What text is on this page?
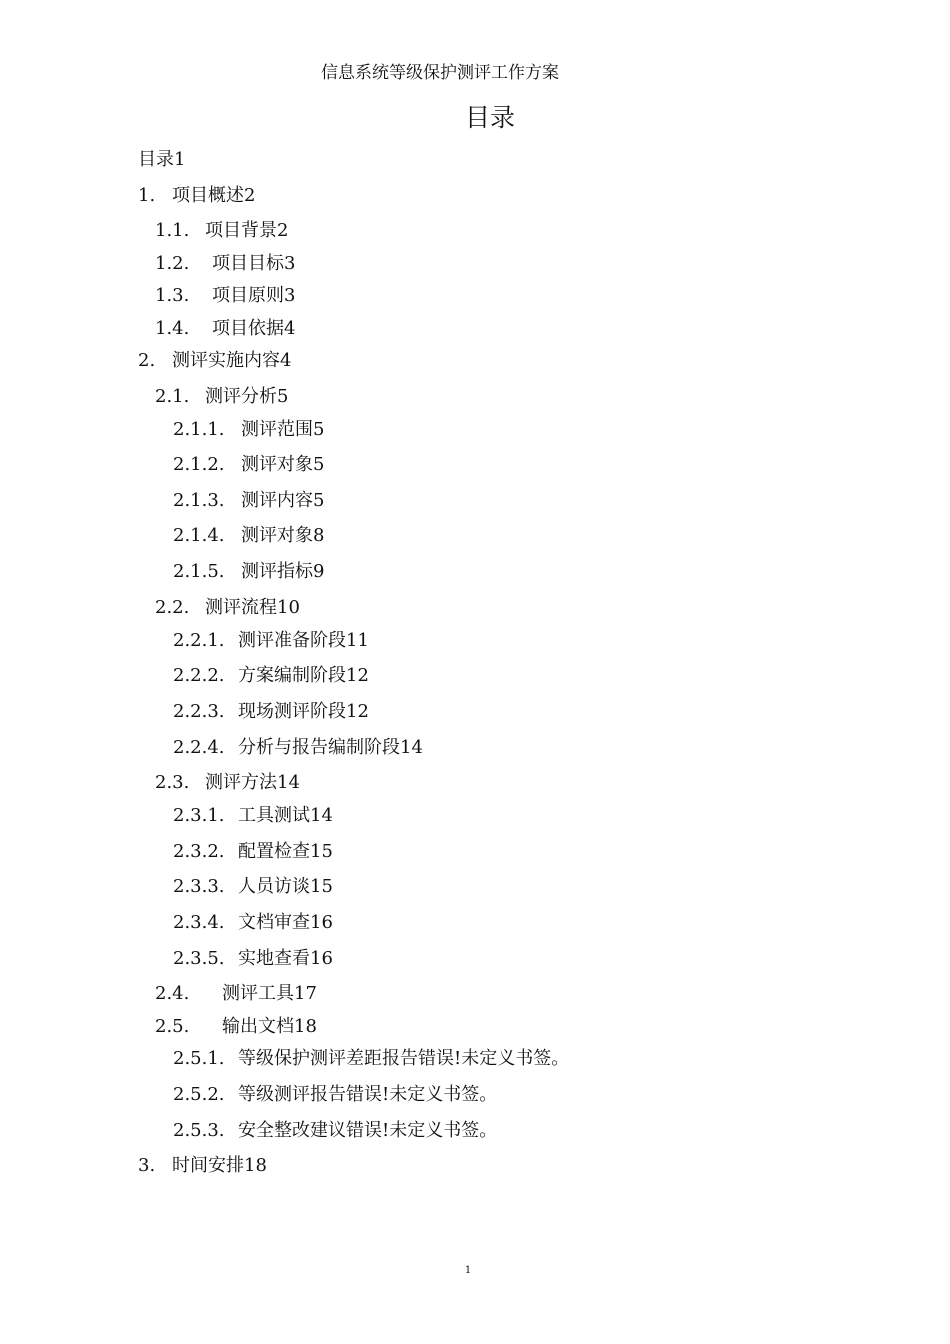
信息系统等级保护测评工作方案
目录
目录1
1. 项目概述2
1.1. 项目背景2
1.2. 项目目标3
1.3. 项目原则3
1.4. 项目依据4
2. 测评实施内容4
2.1. 测评分析5
2.1.1. 测评范围5
2.1.2. 测评对象5
2.1.3. 测评内容5
2.1.4. 测评对象8
2.1.5. 测评指标9
2.2. 测评流程10
2.2.1. 测评准备阶段11
2.2.2. 方案编制阶段12
2.2.3. 现场测评阶段12
2.2.4. 分析与报告编制阶段14
2.3. 测评方法14
2.3.1. 工具测试14
2.3.2. 配置检查15
2.3.3. 人员访谈15
2.3.4. 文档审查16
2.3.5. 实地查看16
2.4. 测评工具17
2.5. 输出文档18
2.5.1. 等级保护测评差距报告错误!未定义书签。
2.5.2. 等级测评报告错误!未定义书签。
2.5.3. 安全整改建议错误!未定义书签。
3. 时间安排18
1
